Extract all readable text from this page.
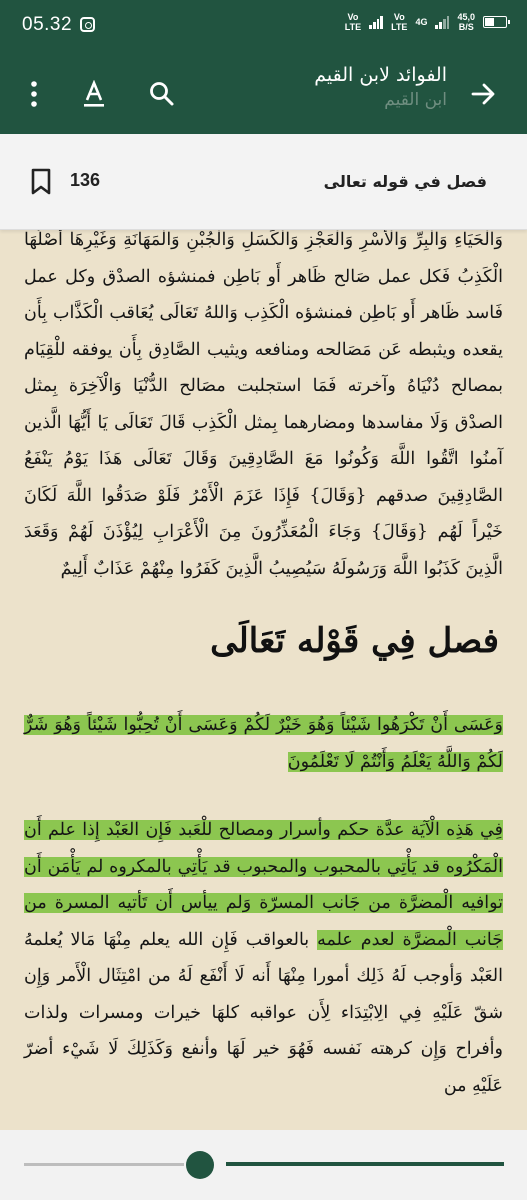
05.32	Vo
LTE
Vo
LTE 4G	45,0
B/S
الفوائد لابن القيم
ابن القيم
136	فصل في قوله تعالى

وَالْحَيَاءِ وَالْبِرِّ وَالْأَسْرِ وَالْعَجْزِ وَالْكَسَلِ وَالْجُبْنِ وَالْمَهَانَةِ وَغَيْرِهَا أَصْلُهَا الْكَذِبُ فَكل عمل صَالح ظَاهر أَو بَاطِن فمنشؤه الصدْق وكل عمل فَاسد ظَاهر أَو بَاطِن فمنشؤه الْكَذِب وَاللهُ تَعَالَى يُعَاقب الْكَذَّاب بِأَن يقعده ويثبطه عَن مَصَالحه ومنافعه ويثيب الصَّادِق بِأَن يوفقه للْقِيَام بمصالح دُنْيَاهُ وآخرته فَمَا استجلبت مصَالح الدُّنْيَا وَالْآخِرَة بِمثل الصدْق وَلَا مفاسدها ومضارهما بِمثل الْكَذِب قَالَ تَعَالَى يَا أَيُّهَا الَّذين آمنُوا اتَّقُوا اللَّهَ وَكُونُوا مَعَ الصَّادِقِينَ وَقَالَ تَعَالَى هَذَا يَوْمُ يَنْفَعُ الصَّادِقِينَ صدقهم {وَقَالَ} فَإِذَا عَزَمَ الْأَمْرُ فَلَوْ صَدَقُوا اللَّهَ لَكَانَ خَيْراً لَهُم {وَقَالَ} وَجَاءَ الْمُعَذِّرُونَ مِنَ الْأَعْرَابِ لِيُؤْذَنَ لَهُمْ وَقَعَدَ الَّذِينَ كَذَبُوا اللَّهَ وَرَسُولَهُ سَيُصِيبُ الَّذِينَ كَفَرُوا مِنْهُمْ عَذَابٌ أَلِيمٌ

فصل فِي قَوْله تَعَالَى

وَعَسَى أَنْ تَكْرَهُوا شَيْئاً وَهُوَ خَيْرٌ لَكُمْ وَعَسَى أَنْ تُحِبُّوا شَيْئاً وَهُوَ شَرٌّ لَكُمْ وَاللَّهُ يَعْلَمُ وَأَنْتُمْ لَا تَعْلَمُونَ

فِي هَذِه الْآيَة عدَّة حكم وأسرار ومصالح للْعَبد فَإِن العَبْد إِذا علم أَن الْمَكْرُوه قد يَأْتِي بالمحبوب والمحبوب قد يَأْتِي بالمكروه لم يَأْمَن أَن توافيه الْمضرَّة من جَانب المسرّة وَلم ييأس أَن تَأتيه المسرة من جَانب الْمضرَّة لعدم علمه بالعواقب فَإِن الله يعلم مِنْهَا مَالا يُعلمهُ العَبْد وَأوجب لَهُ ذَلِك أمورا مِنْهَا أَنه لَا أَنْفَع لَهُ من امْتِثَال الْأَمر وَإِن شقّ عَلَيْهِ فِي الِابْتِدَاء لِأَن عواقبه كلهَا خيرات ومسرات ولذات وأفراح وَإِن كرهته نَفسه فَهُوَ خير لَهَا وأنفع وَكَذَلِكَ لَا شَيْء أضرّ عَلَيْهِ من
